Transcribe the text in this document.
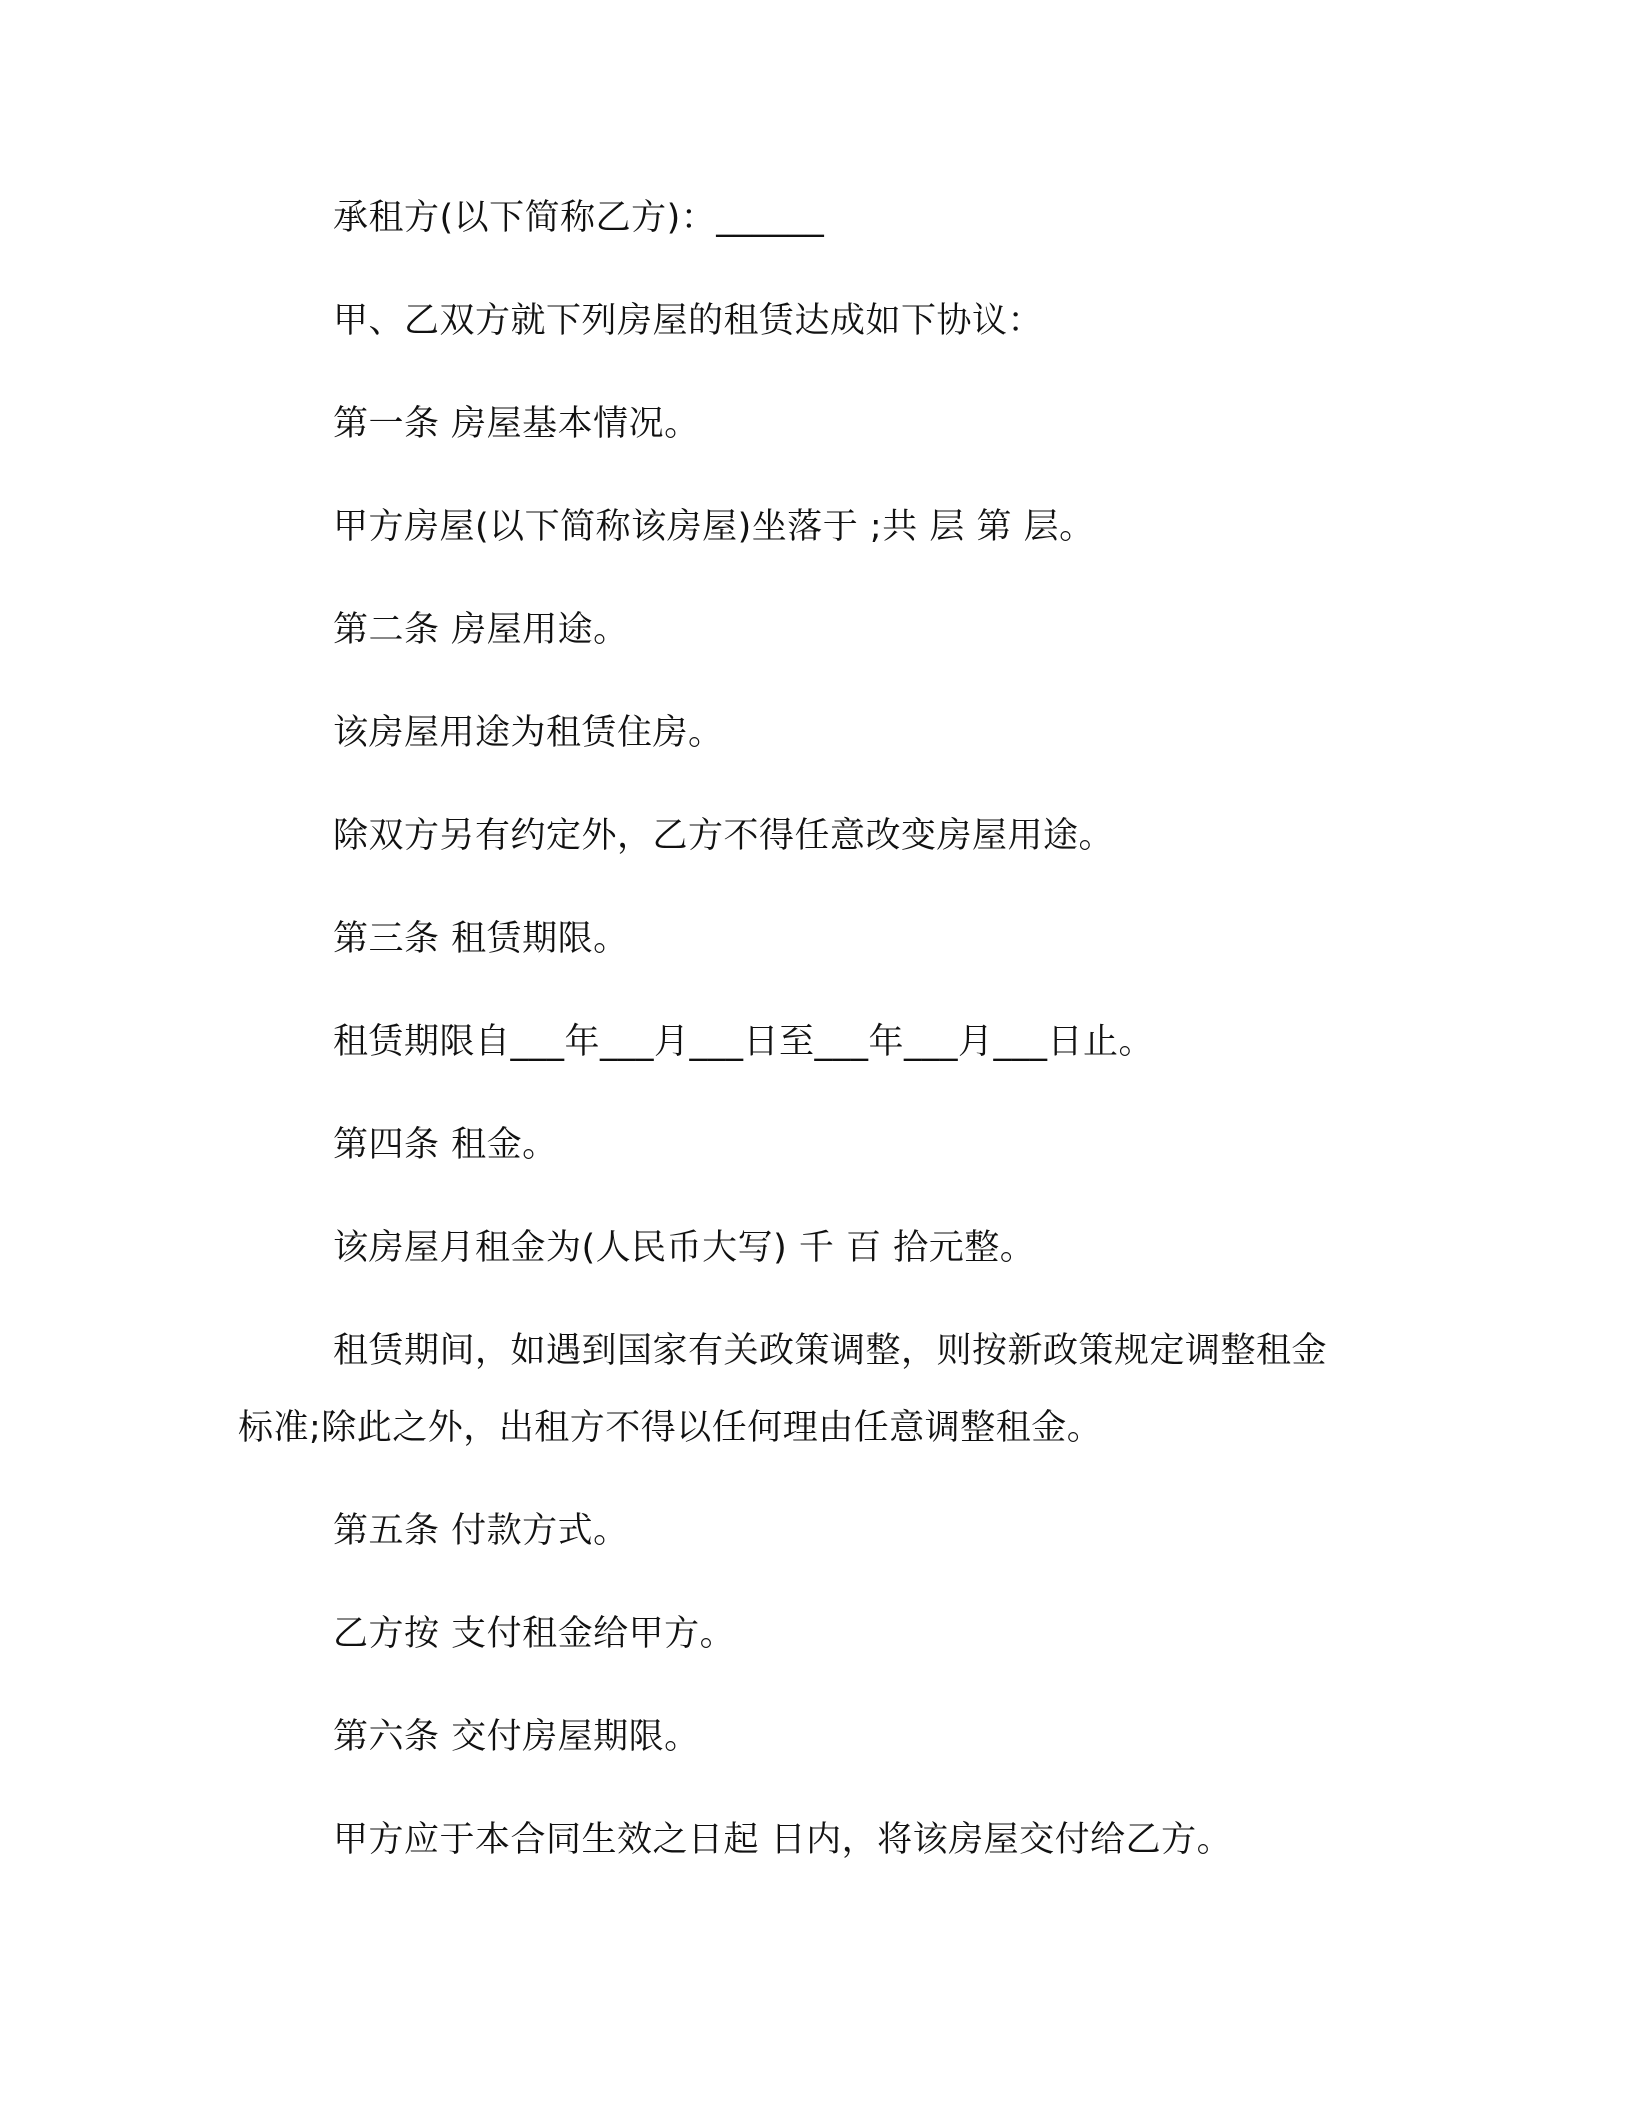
承租方(以下简称乙方)：______
甲、乙双方就下列房屋的租赁达成如下协议：
第一条 房屋基本情况。
甲方房屋(以下简称该房屋)坐落于 ;共 层 第 层。
第二条 房屋用途。
该房屋用途为租赁住房。
除双方另有约定外，乙方不得任意改变房屋用途。
第三条 租赁期限。
租赁期限自___年___月___日至___年___月___日止。
第四条 租金。
该房屋月租金为(人民币大写) 千 百 拾元整。
租赁期间，如遇到国家有关政策调整，则按新政策规定调整租金
标准;除此之外，出租方不得以任何理由任意调整租金。
第五条 付款方式。
乙方按 支付租金给甲方。
第六条 交付房屋期限。
甲方应于本合同生效之日起 日内，将该房屋交付给乙方。
